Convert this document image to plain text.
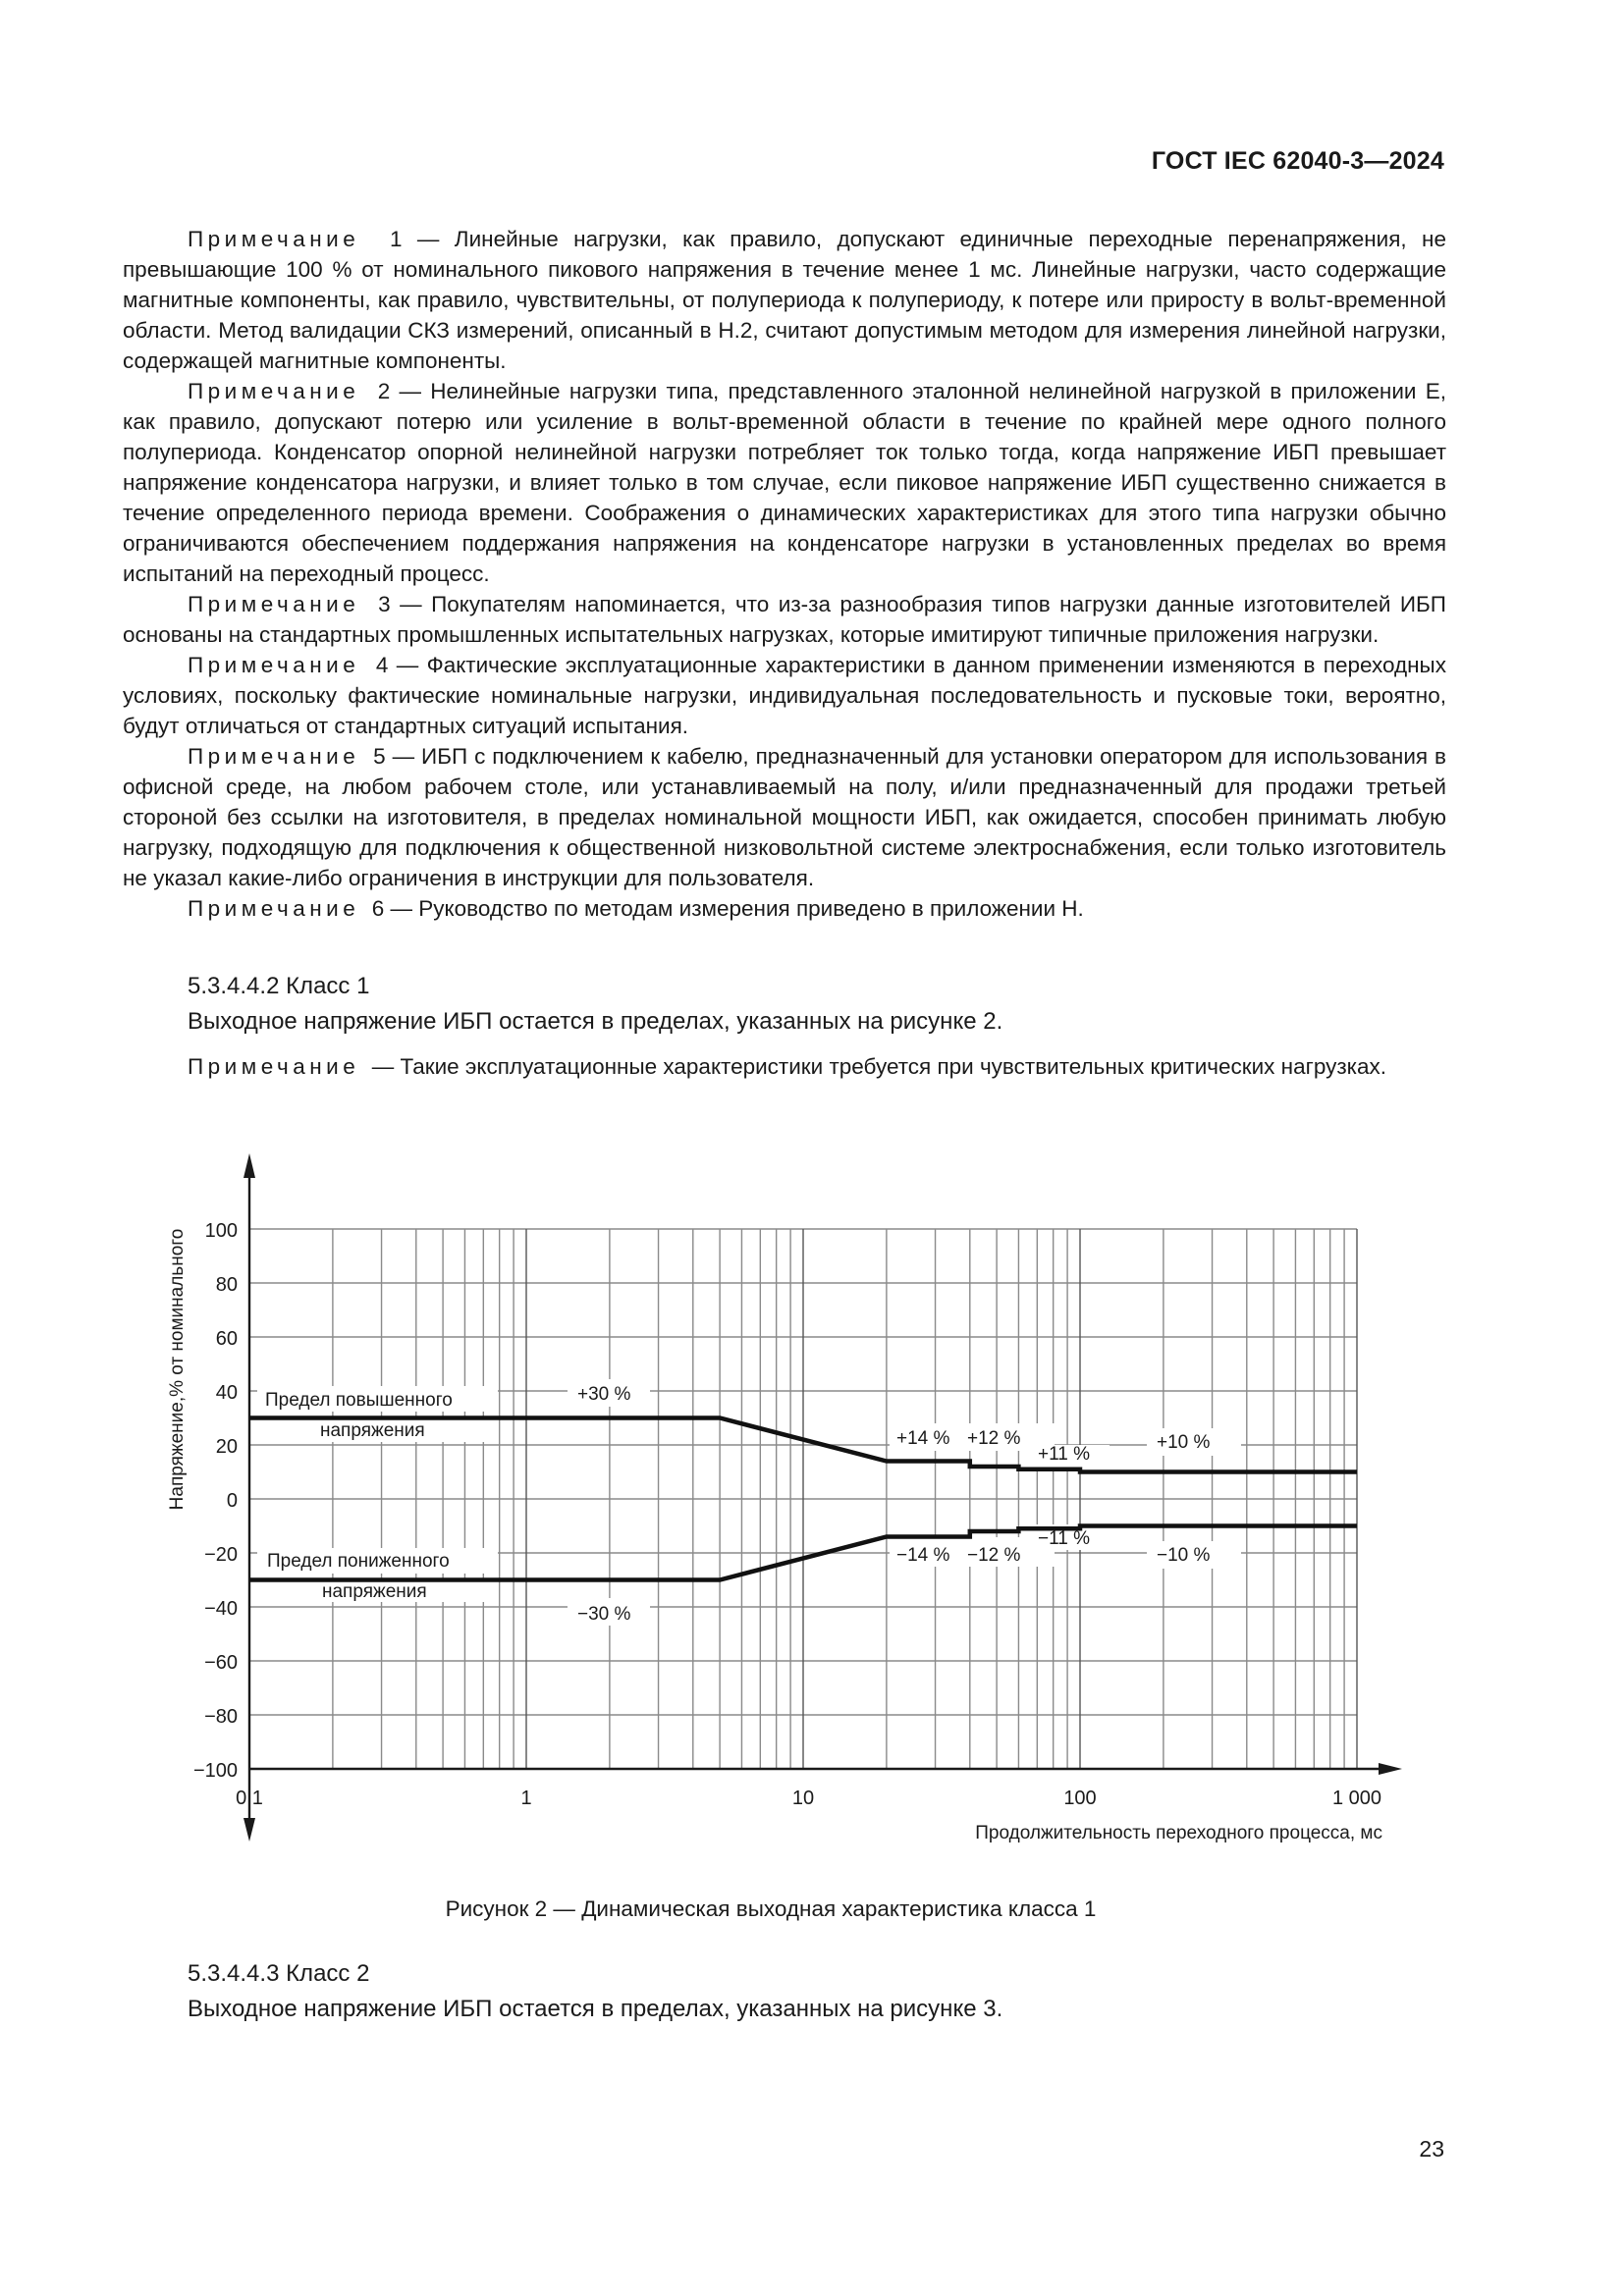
ГОСТ IEC 62040-3—2024

Примечание 1 — Линейные нагрузки, как правило, допускают единичные переходные перенапряжения, не превышающие 100 % от номинального пикового напряжения в течение менее 1 мс. Линейные нагрузки, часто содержащие магнитные компоненты, как правило, чувствительны, от полупериода к полупериоду, к потере или приросту в вольт-временной области. Метод валидации СКЗ измерений, описанный в Н.2, считают допустимым методом для измерения линейной нагрузки, содержащей магнитные компоненты.

Примечание 2 — Нелинейные нагрузки типа, представленного эталонной нелинейной нагрузкой в приложении Е, как правило, допускают потерю или усиление в вольт-временной области в течение по крайней мере одного полного полупериода. Конденсатор опорной нелинейной нагрузки потребляет ток только тогда, когда напряжение ИБП превышает напряжение конденсатора нагрузки, и влияет только в том случае, если пиковое напряжение ИБП существенно снижается в течение определенного периода времени. Соображения о динамических характеристиках для этого типа нагрузки обычно ограничиваются обеспечением поддержания напряжения на конденсаторе нагрузки в установленных пределах во время испытаний на переходный процесс.

Примечание 3 — Покупателям напоминается, что из-за разнообразия типов нагрузки данные изготовителей ИБП основаны на стандартных промышленных испытательных нагрузках, которые имитируют типичные приложения нагрузки.

Примечание 4 — Фактические эксплуатационные характеристики в данном применении изменяются в переходных условиях, поскольку фактические номинальные нагрузки, индивидуальная последовательность и пусковые токи, вероятно, будут отличаться от стандартных ситуаций испытания.

Примечание 5 — ИБП с подключением к кабелю, предназначенный для установки оператором для использования в офисной среде, на любом рабочем столе, или устанавливаемый на полу, и/или предназначенный для продажи третьей стороной без ссылки на изготовителя, в пределах номинальной мощности ИБП, как ожидается, способен принимать любую нагрузку, подходящую для подключения к общественной низковольтной системе электроснабжения, если только изготовитель не указал какие-либо ограничения в инструкции для пользователя.

Примечание 6 — Руководство по методам измерения приведено в приложении Н.

5.3.4.4.2 Класс 1
Выходное напряжение ИБП остается в пределах, указанных на рисунке 2.
Примечание — Такие эксплуатационные характеристики требуется при чувствительных критических нагрузках.
100
80
60
40
20
0
−20
−40
−60
−80
−100
0,1	1	10	100	1 000
Продолжительность переходного процесса, мс
Напряжение,% от номинального	Предел повышенного
напряжения
Предел пониженного
напряжения
+30 %
−30 %
+14 % +12 %
+11 %
+10 %
−14 % −12 %
−11 %
−10 %
Рисунок 2 — Динамическая выходная характеристика класса 1
5.3.4.4.3 Класс 2
Выходное напряжение ИБП остается в пределах, указанных на рисунке 3.
23
